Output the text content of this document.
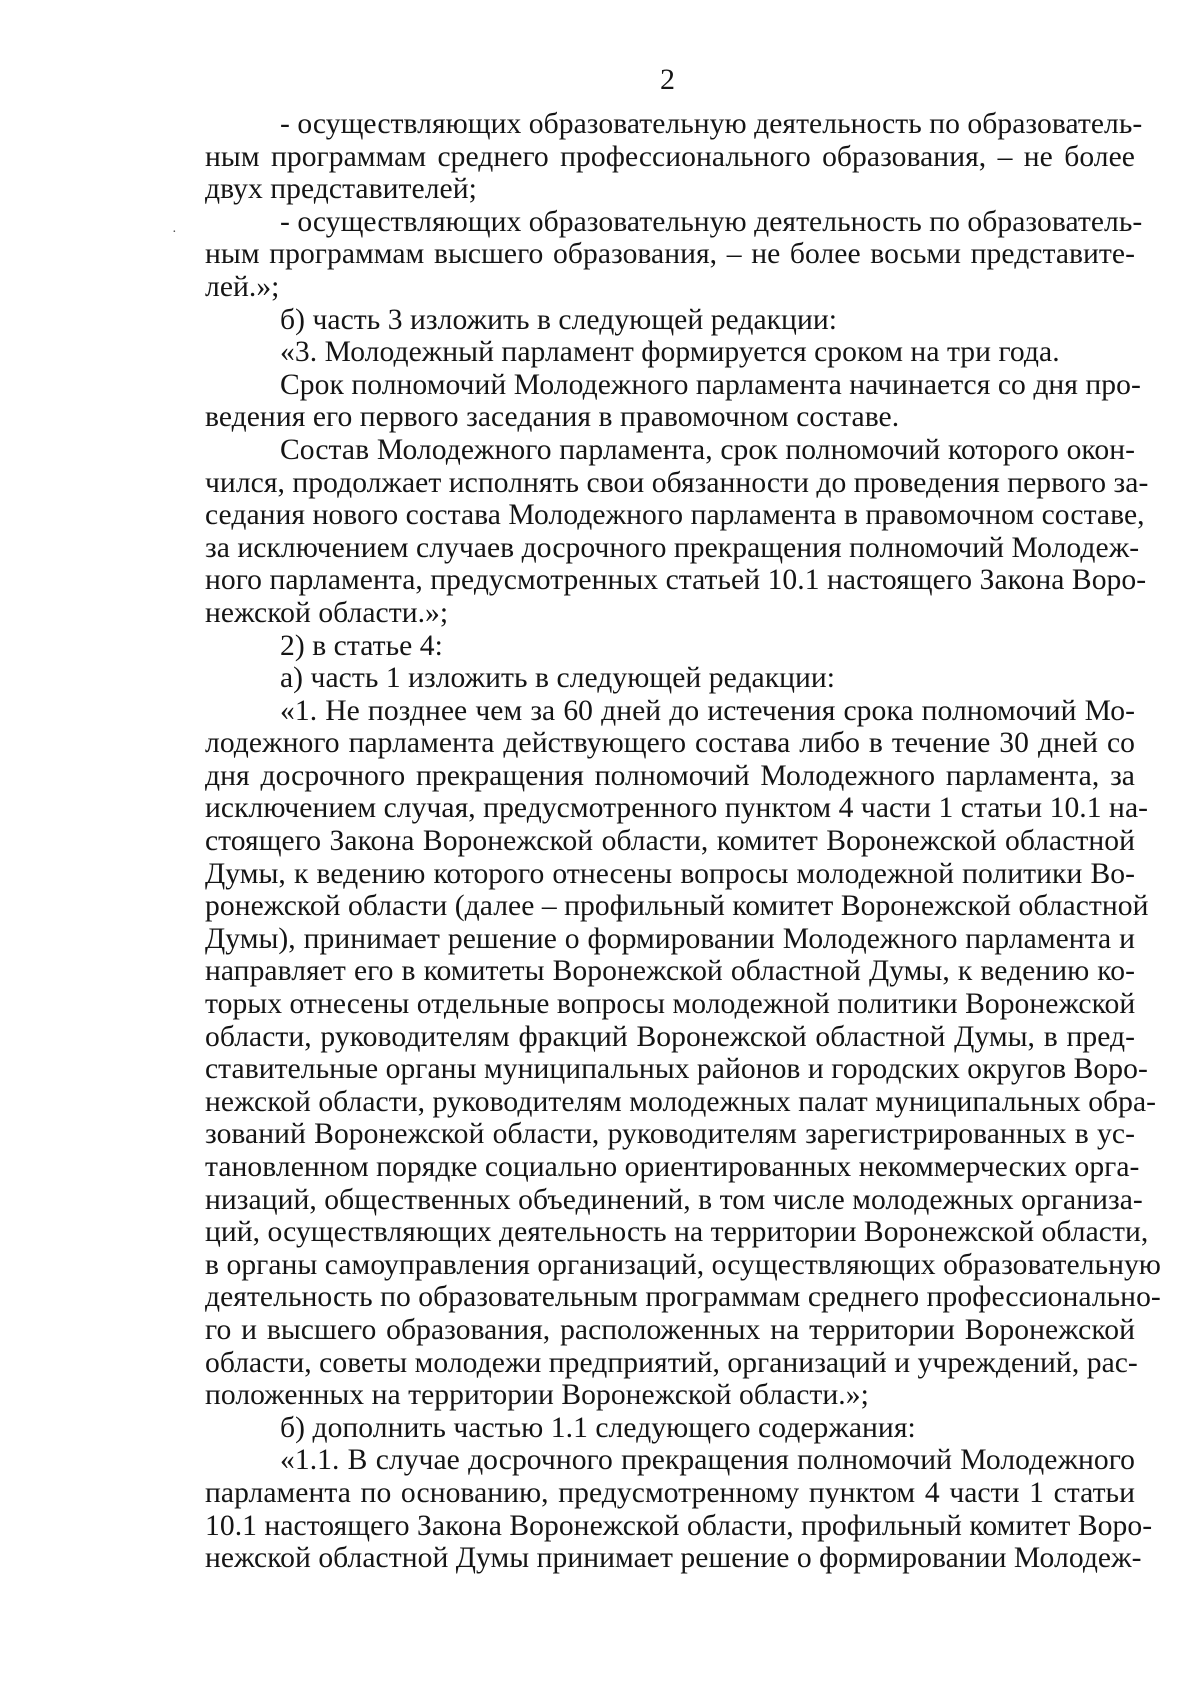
2
·
- осуществляющих образовательную деятельность по образователь-
ным программам среднего профессионального образования, – не более
двух представителей;
- осуществляющих образовательную деятельность по образователь-
ным программам высшего образования, – не более восьми представите-
лей.»;
б) часть 3 изложить в следующей редакции:
«3. Молодежный парламент формируется сроком на три года.
Срок полномочий Молодежного парламента начинается со дня про-
ведения его первого заседания в правомочном составе.
Состав Молодежного парламента, срок полномочий которого окон-
чился, продолжает исполнять свои обязанности до проведения первого за-
седания нового состава Молодежного парламента в правомочном составе,
за исключением случаев досрочного прекращения полномочий Молодеж-
ного парламента, предусмотренных статьей 10.1 настоящего Закона Воро-
нежской области.»;
2) в статье 4:
а) часть 1 изложить в следующей редакции:
«1. Не позднее чем за 60 дней до истечения срока полномочий Мо-
лодежного парламента действующего состава либо в течение 30 дней со
дня досрочного прекращения полномочий Молодежного парламента, за
исключением случая, предусмотренного пунктом 4 части 1 статьи 10.1 на-
стоящего Закона Воронежской области, комитет Воронежской областной
Думы, к ведению которого отнесены вопросы молодежной политики Во-
ронежской области (далее – профильный комитет Воронежской областной
Думы), принимает решение о формировании Молодежного парламента и
направляет его в комитеты Воронежской областной Думы, к ведению ко-
торых отнесены отдельные вопросы молодежной политики Воронежской
области, руководителям фракций Воронежской областной Думы, в пред-
ставительные органы муниципальных районов и городских округов Воро-
нежской области, руководителям молодежных палат муниципальных обра-
зований Воронежской области, руководителям зарегистрированных в ус-
тановленном порядке социально ориентированных некоммерческих орга-
низаций, общественных объединений, в том числе молодежных организа-
ций, осуществляющих деятельность на территории Воронежской области,
в органы самоуправления организаций, осуществляющих образовательную
деятельность по образовательным программам среднего профессионально-
го и высшего образования, расположенных на территории Воронежской
области, советы молодежи предприятий, организаций и учреждений, рас-
положенных на территории Воронежской области.»;
б) дополнить частью 1.1 следующего содержания:
«1.1. В случае досрочного прекращения полномочий Молодежного
парламента по основанию, предусмотренному пунктом 4 части 1 статьи
10.1 настоящего Закона Воронежской области, профильный комитет Воро-
нежской областной Думы принимает решение о формировании Молодеж-
